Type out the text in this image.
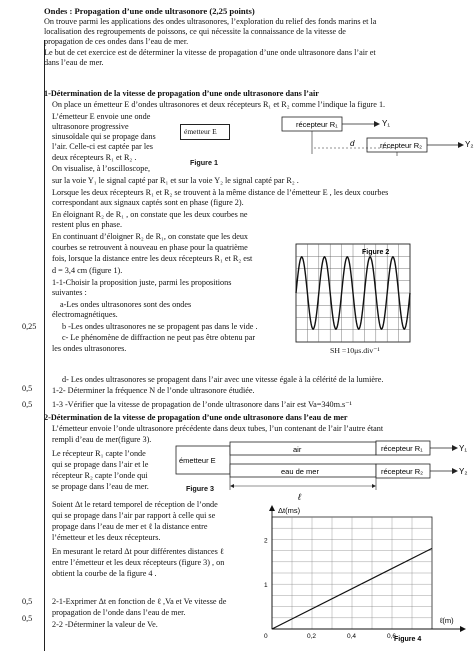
Ondes : Propagation d’une onde ultrasonore (2,25 points)
On trouve parmi les applications des ondes ultrasonores, l’exploration du relief des fonds marins et la
localisation des regroupements de poissons, ce qui nécessite la connaissance de la vitesse de
propagation de ces ondes dans l’eau de mer.
Le but de cet exercice est de déterminer la vitesse de propagation d’une onde ultrasonore dans l’air et
dans l’eau de mer.
1-Détermination de la vitesse de propagation d’une onde ultrasonore dans l’air
On place un émetteur E d’ondes ultrasonores et deux récepteurs R₁ et R₂ comme l’indique la figure 1.
L’émetteur E envoie une onde
ultrasonore progressive
sinusoïdale qui se propage dans
l’air. Celle-ci est captée par les
deux récepteurs R₁ et R₂ .
On visualise, à l’oscilloscope,
sur la voie Y₁ le signal capté par R₁ et sur la voie Y₂ le signal capté par R₂ .
Lorsque les deux récepteurs R₁ et R₂ se trouvent à la même distance de l’émetteur E , les deux courbes
correspondant aux signaux captés sont en phase (figure 2).
En éloignant R₂ de R₁ , on constate que les deux courbes ne
restent plus en phase.
En continuant d’éloigner R₂ de R₁, on constate que les deux
courbes se retrouvent à nouveau en phase pour la quatrième
fois, lorsque la distance entre les deux récepteurs R₁ et R₂ est
d = 3,4 cm (figure 1).
1-1-Choisir la proposition juste, parmi les propositions
suivantes :
a-Les ondes ultrasonores sont des ondes
électromagnétiques.
b -Les ondes ultrasonores ne se propagent pas dans le vide .
c- Le phénomène de diffraction ne peut pas être obtenu par
les ondes ultrasonores.
d- Les ondes ultrasonores se propagent dans l’air avec une vitesse égale à la célérité de la lumière.
1-2- Déterminer la fréquence N de l’onde ultrasonore étudiée.
1-3 -Vérifier que la vitesse de propagation de l’onde ultrasonore dans l’air est Va=340m.s⁻¹
2-Détermination de la vitesse de propagation d’une onde ultrasonore dans l’eau de mer
L’émetteur envoie l’onde ultrasonore précédente dans deux tubes, l’un contenant de l’air l’autre étant
rempli d’eau de mer(figure 3).
Le récepteur R₁ capte l’onde
qui se propage dans l’air et le
récepteur R₂ capte l’onde qui
se propage dans l’eau de mer.
Soient Δt le retard temporel de réception de l’onde
qui se propage dans l’air par rapport à celle qui se
propage dans l’eau de mer et ℓ la distance entre
l’émetteur et les deux récepteurs.
En mesurant le retard Δt pour différentes distances ℓ
entre l’émetteur et les deux récepteurs (figure 3) , on
obtient la courbe de la figure 4 .
2-1-Exprimer Δt en fonction de ℓ ,Va et Ve vitesse de
propagation de l’onde dans l’eau de mer.
2-2 -Déterminer la valeur de Ve.
0,25
0,5
0,5
0,5
0,5
émetteur E
Figure 1
récepteur R₁
récepteur R₂
Y₁
Y₂
d
Figure 2
SH =10μs.div⁻¹
émetteur E
air
eau de mer
récepteur R₁
récepteur R₂
Y₁
Y₂
ℓ
Figure 3
0	0,2	0,4	0,6
1
2
Δt(ms)
ℓ(m)
Figure 4
